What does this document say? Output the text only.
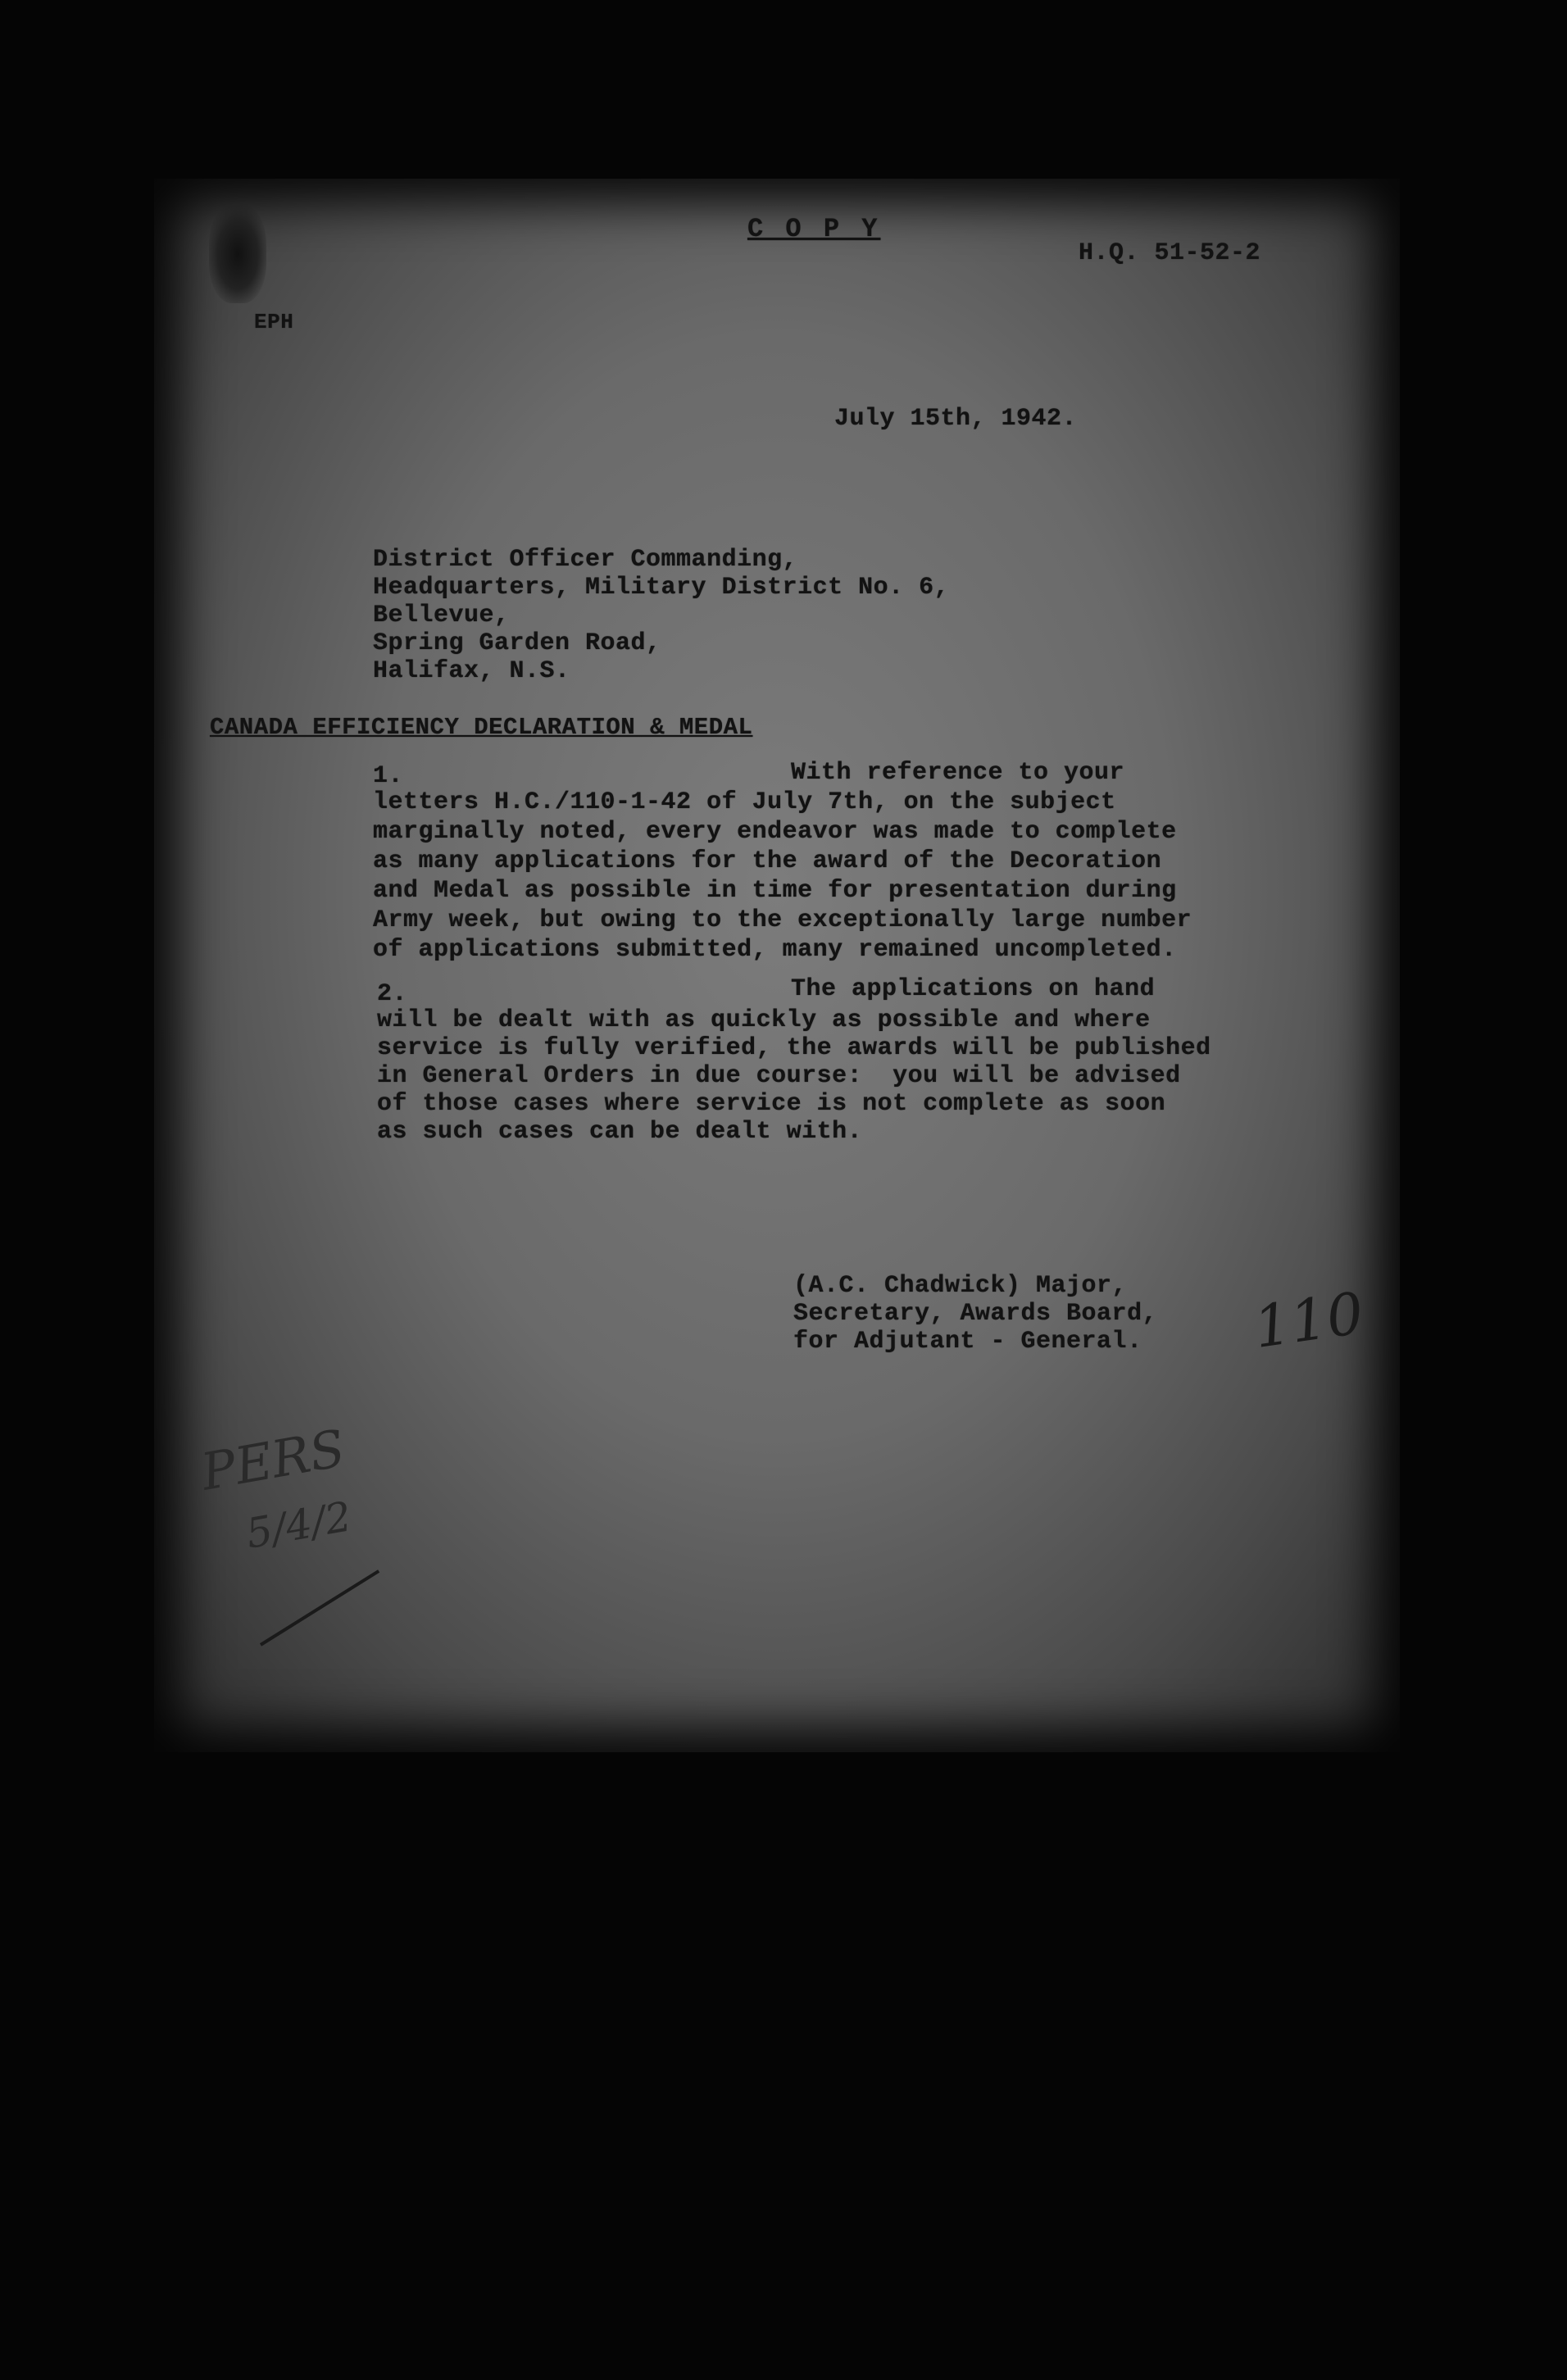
C O P Y
H.Q. 51-52-2
EPH
July 15th, 1942.
District Officer Commanding,
Headquarters, Military District No. 6,
Bellevue,
Spring Garden Road,
Halifax, N.S.
CANADA EFFICIENCY DECLARATION & MEDAL
1.	With reference to your
letters H.C./110-1-42 of July 7th, on the subject
marginally noted, every endeavor was made to complete
as many applications for the award of the Decoration
and Medal as possible in time for presentation during
Army week, but owing to the exceptionally large number
of applications submitted, many remained uncompleted.
2.	The applications on hand
will be dealt with as quickly as possible and where
service is fully verified, the awards will be published
in General Orders in due course:  you will be advised
of those cases where service is not complete as soon
as such cases can be dealt with.
(A.C. Chadwick) Major,
Secretary, Awards Board,
for Adjutant - General. 110
PERS
5/4/2
